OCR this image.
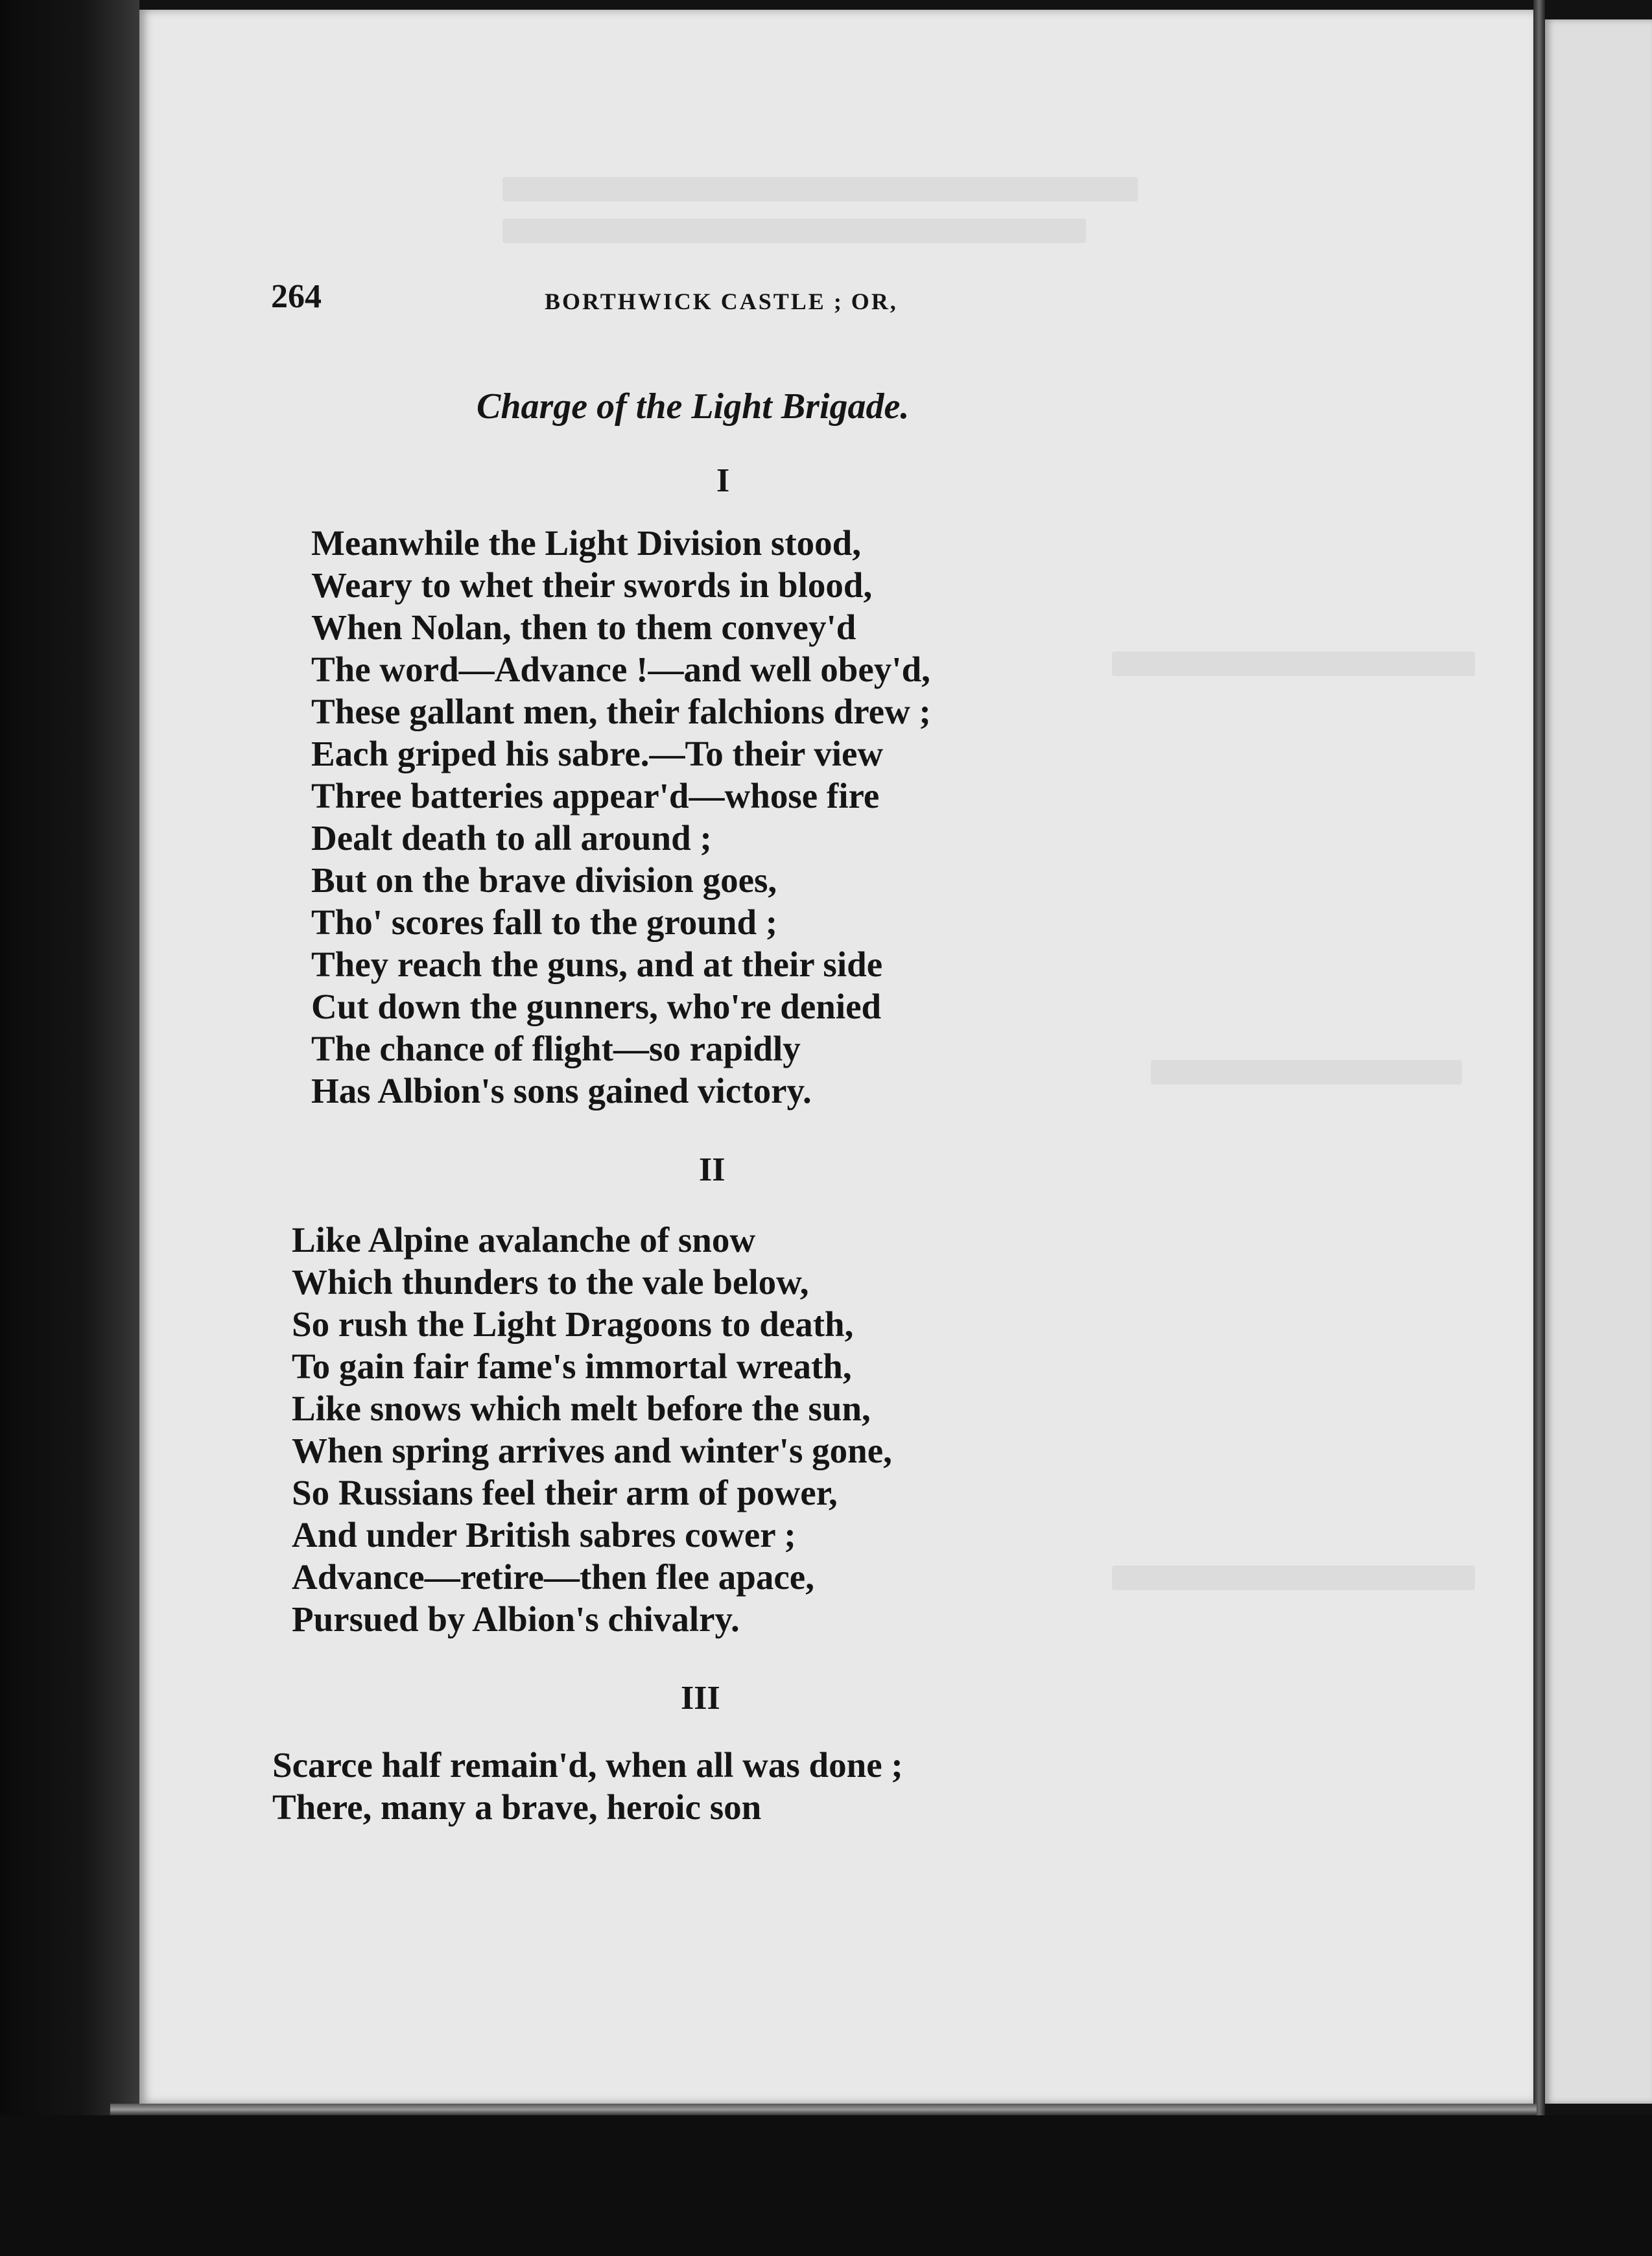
264	BORTHWICK CASTLE ; OR,
Charge of the Light Brigade.
I
Meanwhile the Light Division stood,
Weary to whet their swords in blood,
When Nolan, then to them convey'd
The word—Advance !—and well obey'd,
These gallant men, their falchions drew ;
Each griped his sabre.—To their view
Three batteries appear'd—whose fire
Dealt death to all around ;
But on the brave division goes,
Tho' scores fall to the ground ;
They reach the guns, and at their side
Cut down the gunners, who're denied
The chance of flight—so rapidly
Has Albion's sons gained victory.
II
Like Alpine avalanche of snow
Which thunders to the vale below,
So rush the Light Dragoons to death,
To gain fair fame's immortal wreath,
Like snows which melt before the sun,
When spring arrives and winter's gone,
So Russians feel their arm of power,
And under British sabres cower ;
Advance—retire—then flee apace,
Pursued by Albion's chivalry.
III
Scarce half remain'd, when all was done ;
There, many a brave, heroic son
